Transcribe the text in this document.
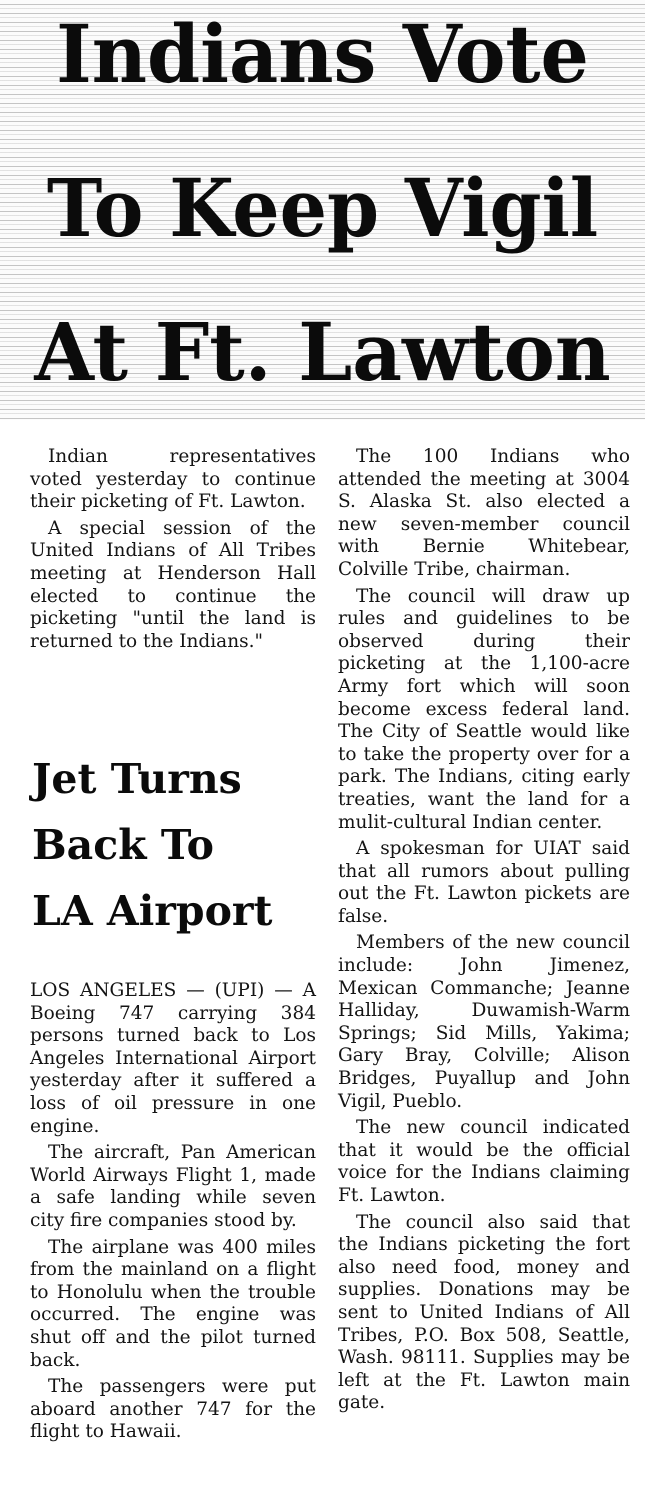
Indians Vote
To Keep Vigil
At Ft. Lawton

Indian representatives voted yesterday to continue their picketing of Ft. Lawton.

A special session of the United Indians of All Tribes meeting at Henderson Hall elected to continue the picketing "until the land is returned to the Indians."

Jet Turns
Back To
LA Airport

LOS ANGELES — (UPI) — A Boeing 747 carrying 384 persons turned back to Los Angeles International Airport yesterday after it suffered a loss of oil pressure in one engine.

The aircraft, Pan American World Airways Flight 1, made a safe landing while seven city fire companies stood by.

The airplane was 400 miles from the mainland on a flight to Honolulu when the trouble occurred. The engine was shut off and the pilot turned back.

The passengers were put aboard another 747 for the flight to Hawaii.

The 100 Indians who attended the meeting at 3004 S. Alaska St. also elected a new seven-member council with Bernie Whitebear, Colville Tribe, chairman.

The council will draw up rules and guidelines to be observed during their picketing at the 1,100-acre Army fort which will soon become excess federal land. The City of Seattle would like to take the property over for a park. The Indians, citing early treaties, want the land for a mulit-cultural Indian center.

A spokesman for UIAT said that all rumors about pulling out the Ft. Lawton pickets are false.

Members of the new council include: John Jimenez, Mexican Commanche; Jeanne Halliday, Duwamish-Warm Springs; Sid Mills, Yakima; Gary Bray, Colville; Alison Bridges, Puyallup and John Vigil, Pueblo.

The new council indicated that it would be the official voice for the Indians claiming Ft. Lawton.

The council also said that the Indians picketing the fort also need food, money and supplies. Donations may be sent to United Indians of All Tribes, P.O. Box 508, Seattle, Wash. 98111. Supplies may be left at the Ft. Lawton main gate.
